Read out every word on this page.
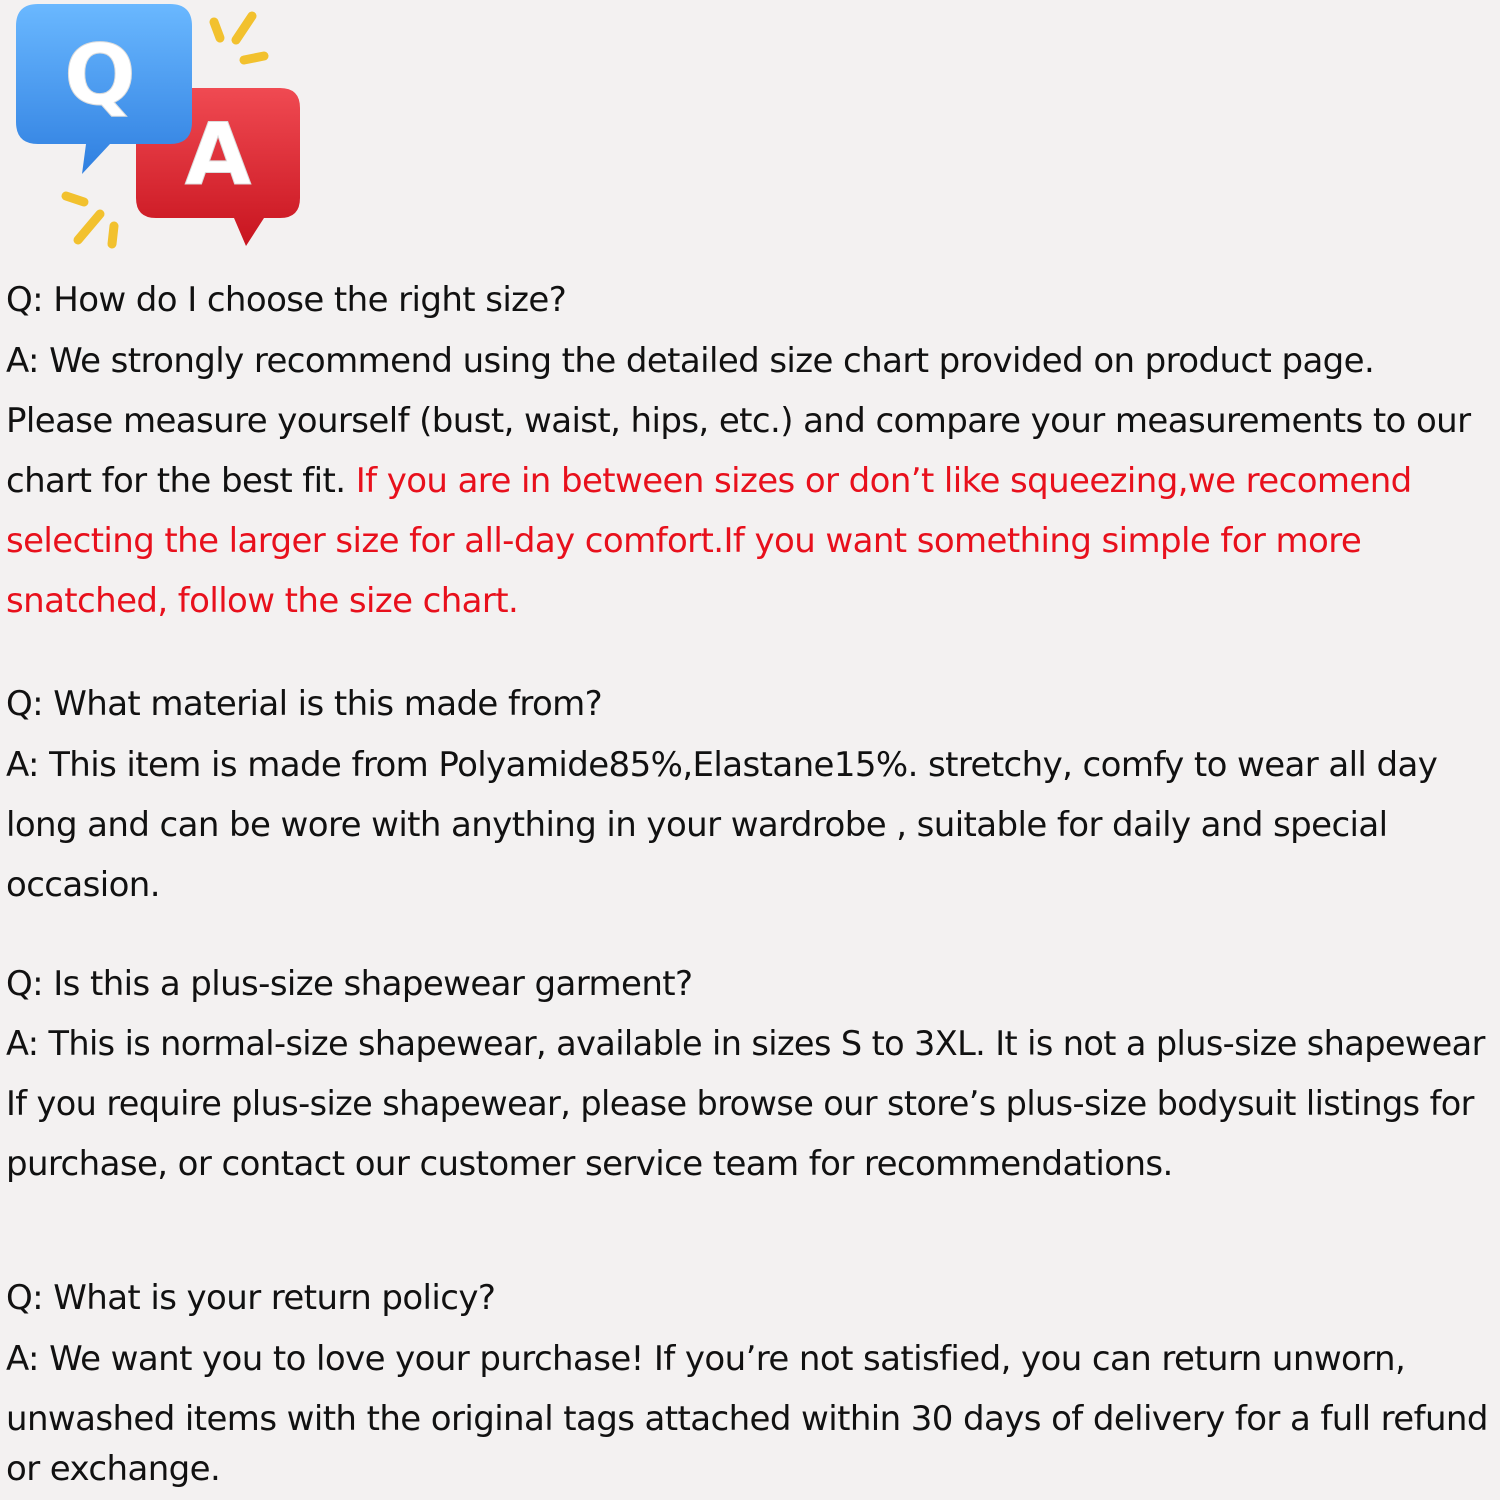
A
Q
Q: How do I choose the right size?
A: We strongly recommend using the detailed size chart provided on product page.
Please measure yourself (bust, waist, hips, etc.) and compare your measurements to our
chart for the best fit. If you are in between sizes or don’t like squeezing,we recomend
selecting the larger size for all-day comfort.If you want something simple for more
snatched, follow the size chart.
Q: What material is this made from?
A: This item is made from Polyamide85%,Elastane15%. stretchy, comfy to wear all day
long and can be wore with anything in your wardrobe , suitable for daily and special
occasion.
Q: Is this a plus-size shapewear garment?
A: This is normal-size shapewear, available in sizes S to 3XL. It is not a plus-size shapewear
If you require plus-size shapewear, please browse our store’s plus-size bodysuit listings for
purchase, or contact our customer service team for recommendations.
Q: What is your return policy?
A: We want you to love your purchase! If you’re not satisfied, you can return unworn,
unwashed items with the original tags attached within 30 days of delivery for a full refund
or exchange.
